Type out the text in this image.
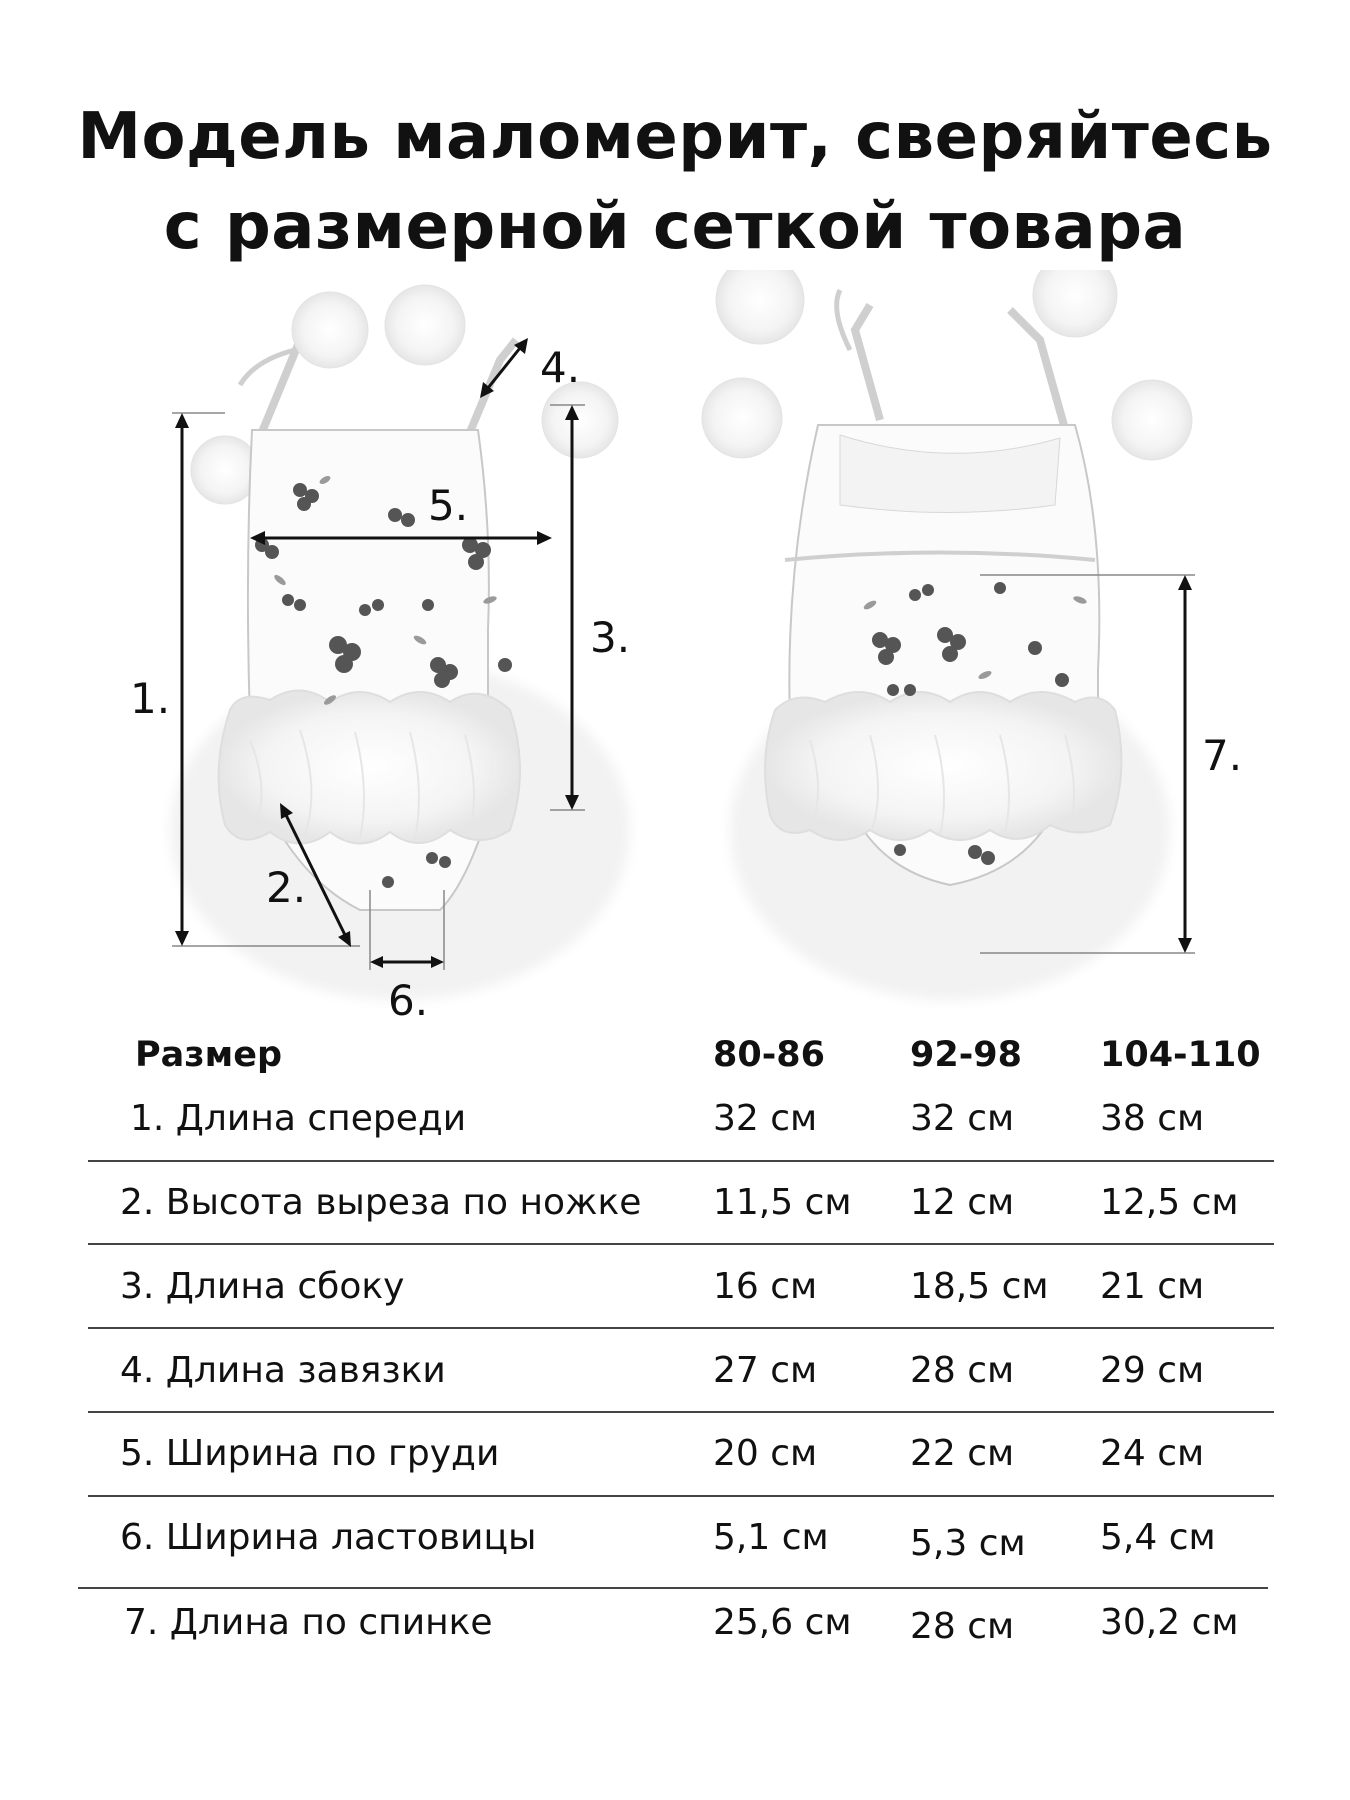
Модель маломерит, сверяйтесь
с размерной сеткой товара
1.
2.
3.
4.
5.
6.
7.
Размер	80-86 92-98 104-110
1. Длина спереди	32 см	32 см 38 см
2. Высота выреза по ножке 11,5 см 12 см 12,5 см
3. Длина сбоку	16 см	18,5 см 21 см
4. Длина завязки	27 см	28 см 29 см
5. Ширина по груди	20 см	22 см 24 см
6. Ширина ластовицы	5,1 см 5,3 см 5,4 см
7. Длина по спинке	25,6 см 28 см 30,2 см
